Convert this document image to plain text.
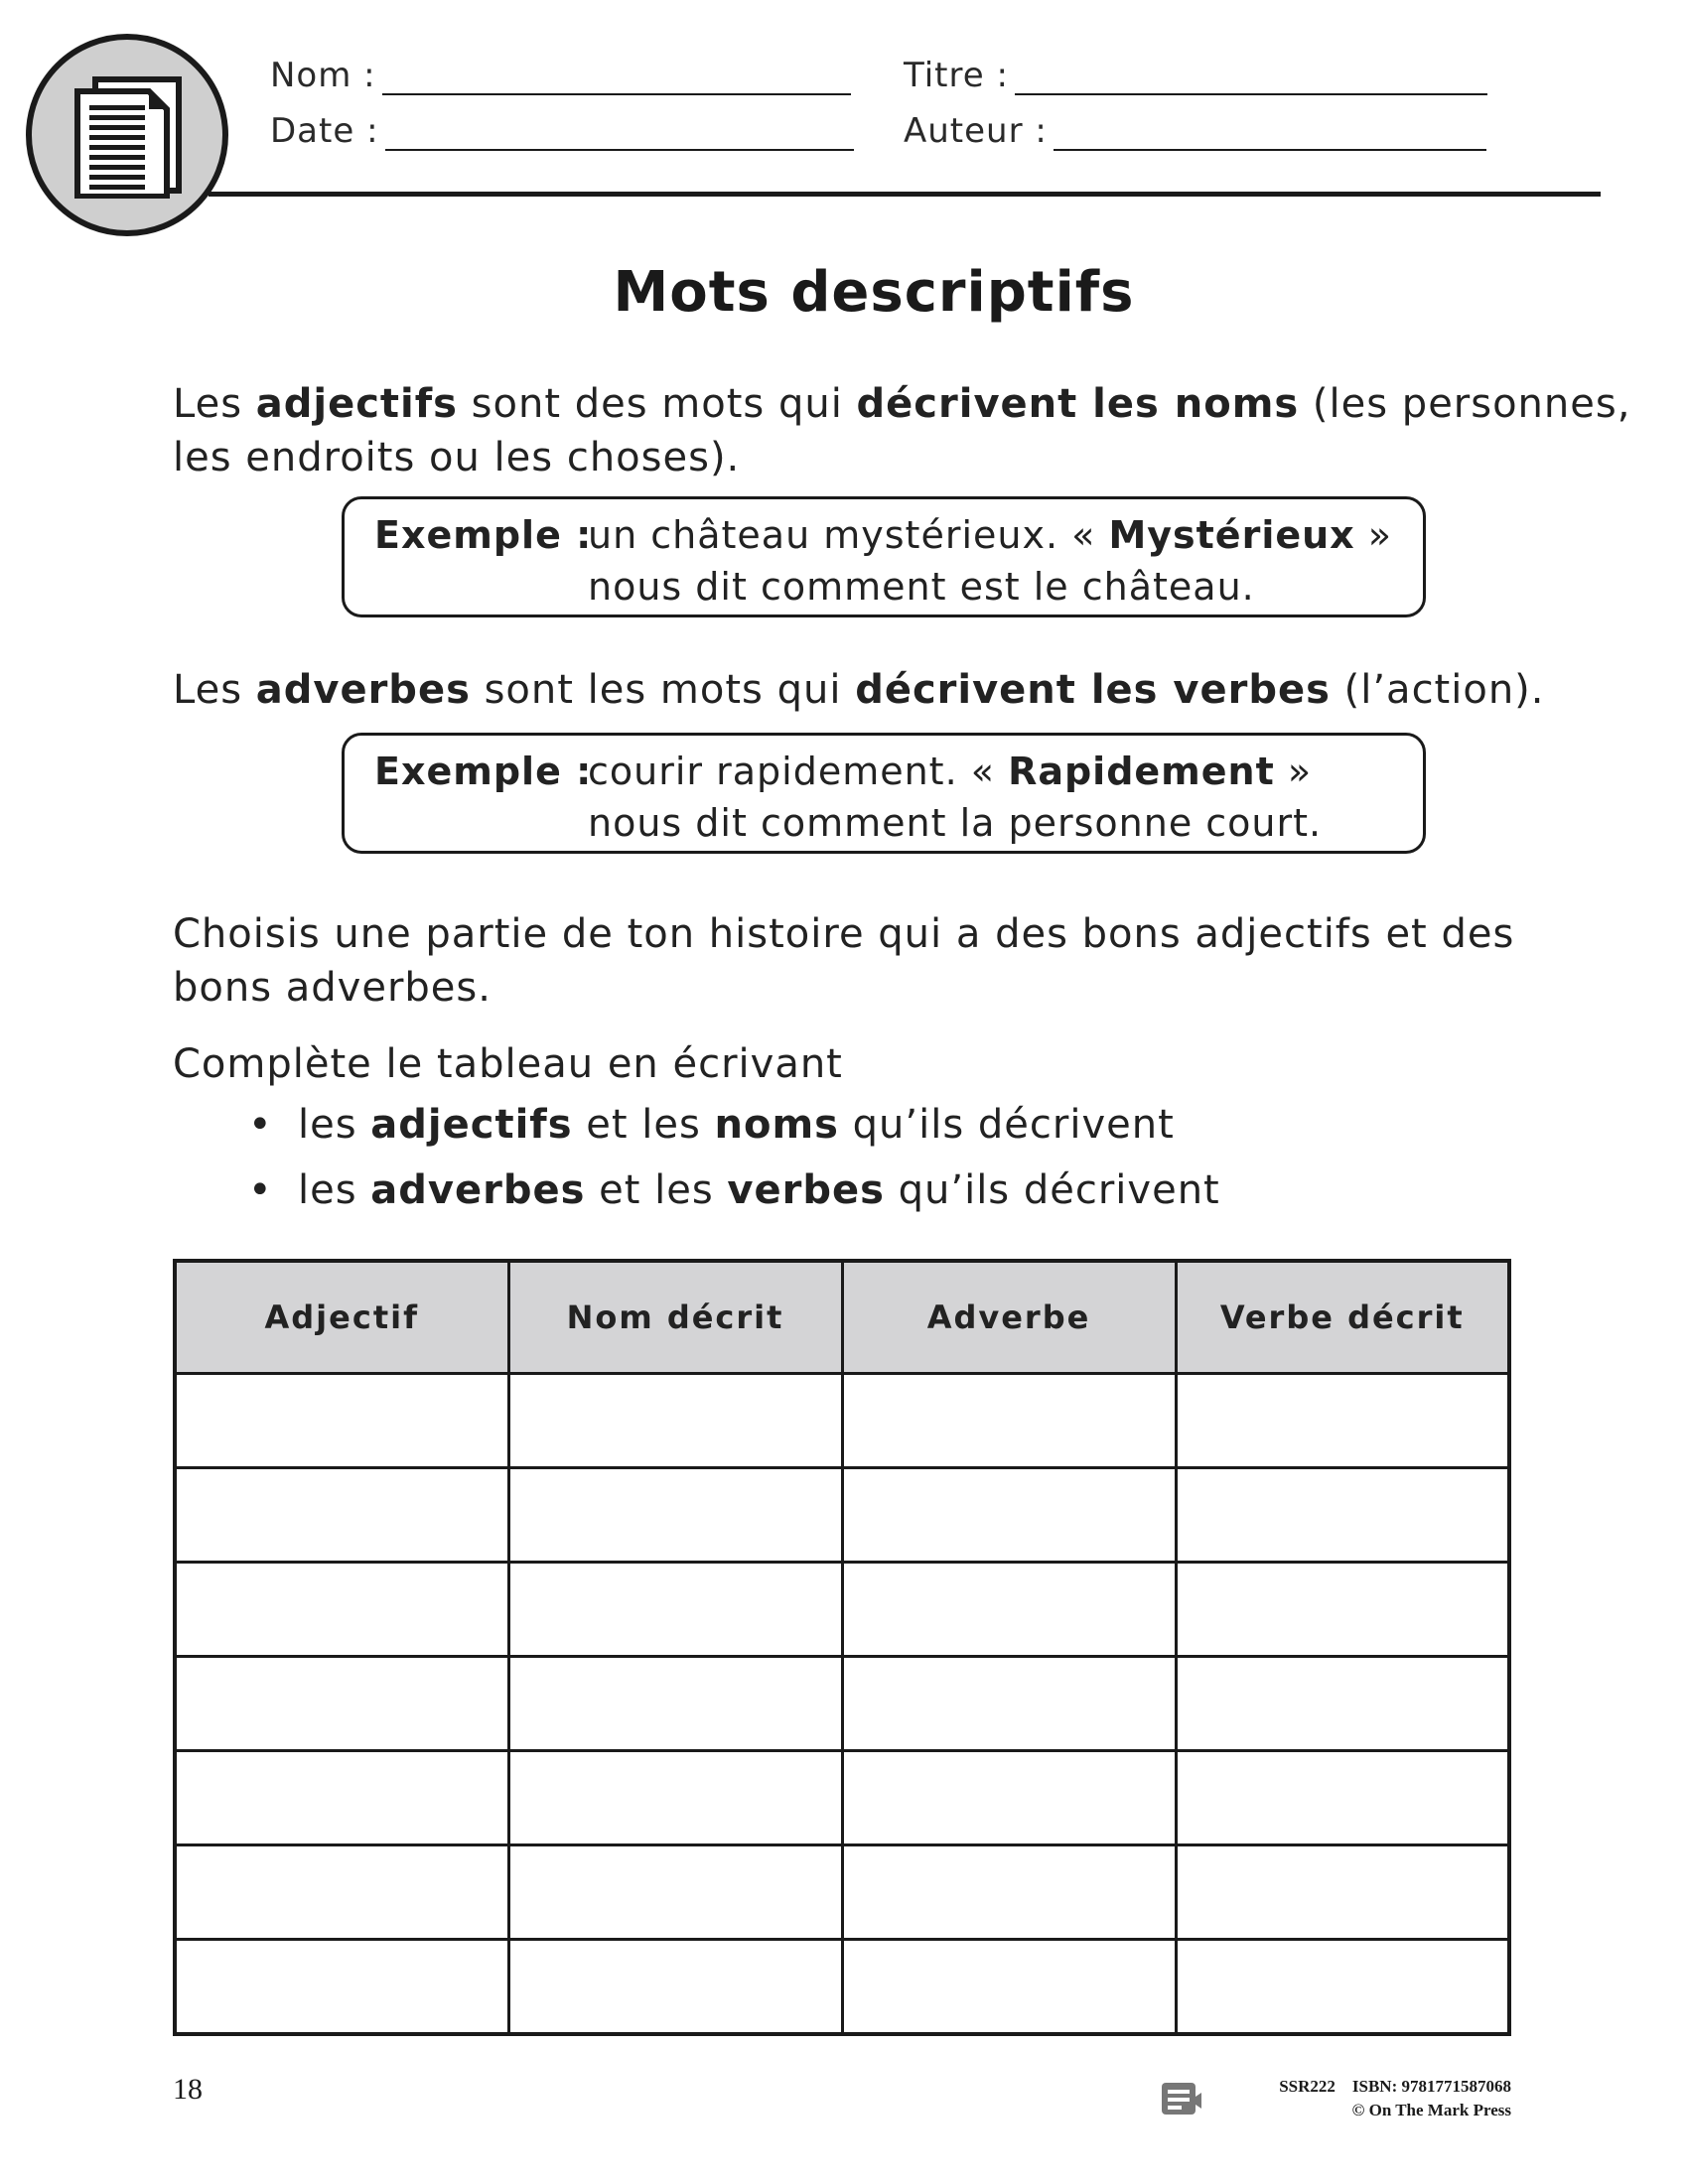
Nom :
Date :
Titre :
Auteur :
Mots descriptifs
Les adjectifs sont des mots qui décrivent les noms (les personnes,
les endroits ou les choses).
Exemple :
un château mystérieux. « Mystérieux »
nous dit comment est le château.
Les adverbes sont les mots qui décrivent les verbes (l’action).
Exemple :
courir rapidement. « Rapidement »
nous dit comment la personne court.
Choisis une partie de ton histoire qui a des bons adjectifs et des
bons adverbes.
Complète le tableau en écrivant
• les adjectifs et les noms qu’ils décrivent
• les adverbes et les verbes qu’ils décrivent
Adjectif	Nom décrit	Adverbe	Verbe décrit

18	SSR222 ISBN: 9781771587068
© On The Mark Press
